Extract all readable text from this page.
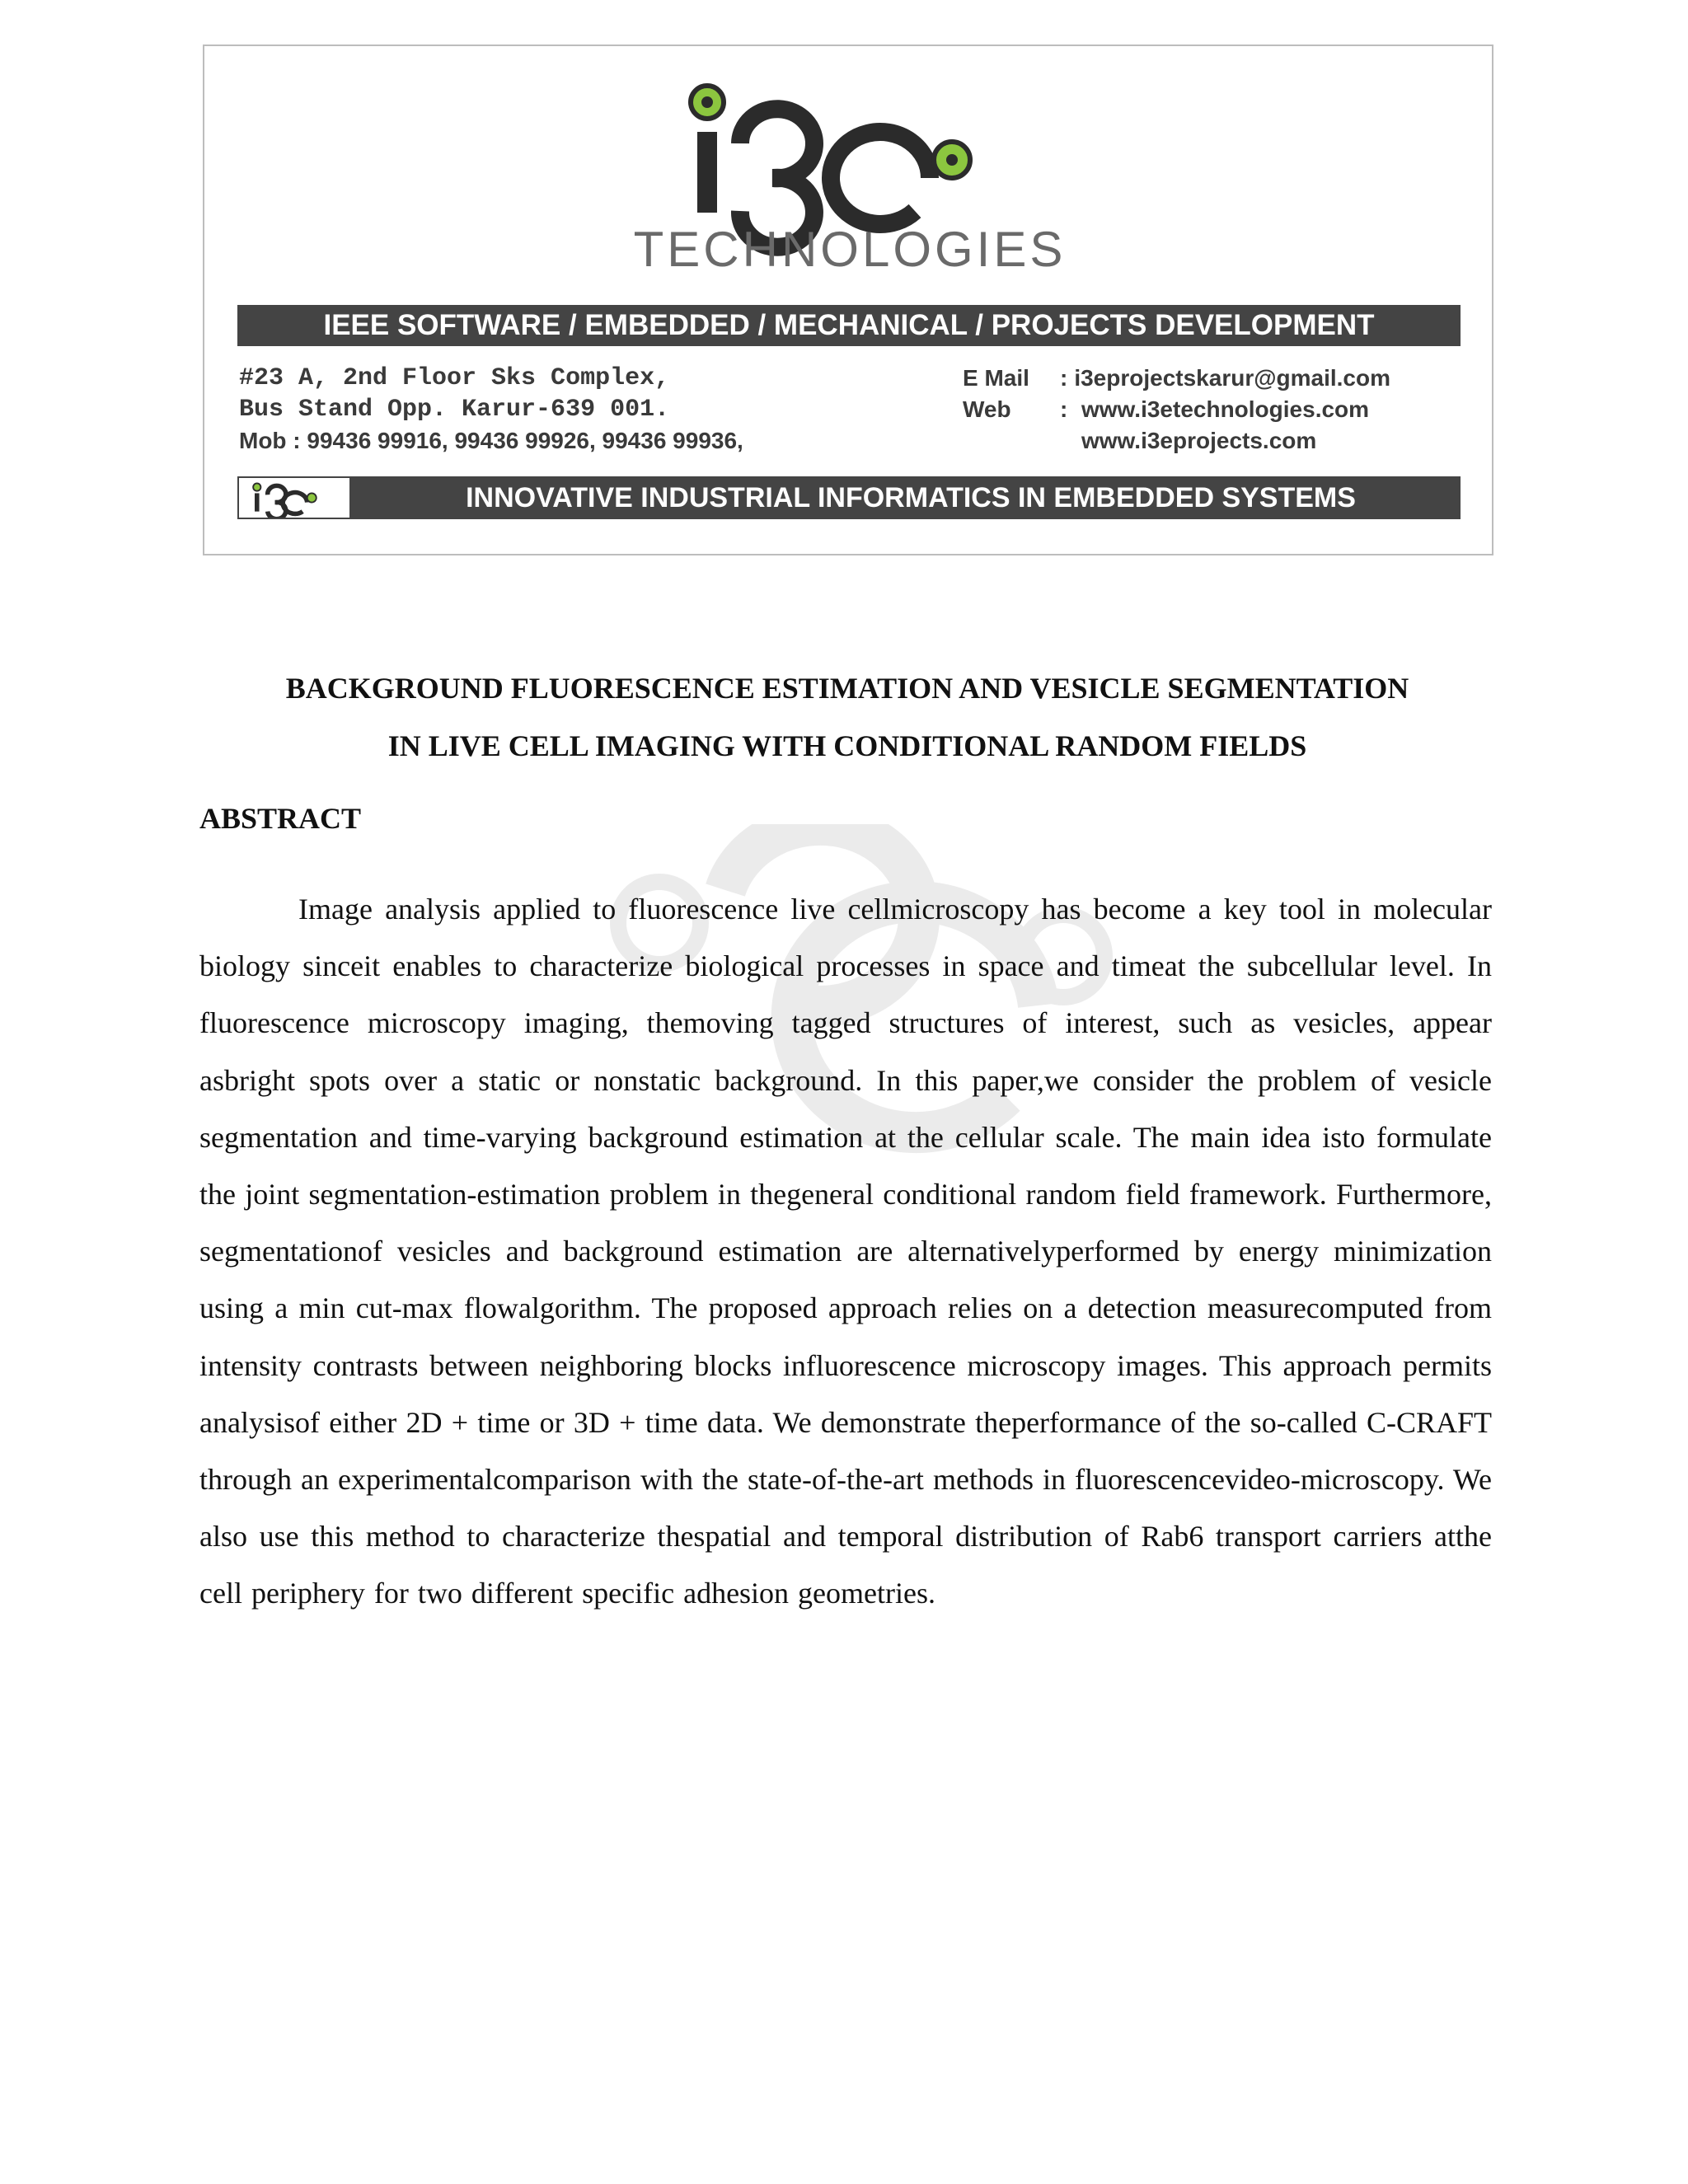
TECHNOLOGIES
IEEE SOFTWARE / EMBEDDED / MECHANICAL / PROJECTS DEVELOPMENT
#23 A, 2nd Floor Sks Complex,
Bus Stand Opp. Karur-639 001.
Mob : 99436 99916, 99436 99926, 99436 99936,
E Mail	: i3eprojectskarur@gmail.com
Web	: www.i3etechnologies.com
www.i3eprojects.com
INNOVATIVE INDUSTRIAL INFORMATICS IN EMBEDDED SYSTEMS
BACKGROUND FLUORESCENCE ESTIMATION AND VESICLE SEGMENTATION
IN LIVE CELL IMAGING WITH CONDITIONAL RANDOM FIELDS
ABSTRACT
Image analysis applied to fluorescence live cellmicroscopy has become a key tool in molecular biology sinceit enables to characterize biological processes in space and timeat the subcellular level. In fluorescence microscopy imaging, themoving tagged structures of interest, such as vesicles, appear asbright spots over a static or nonstatic background. In this paper,we consider the problem of vesicle segmentation and time-varying background estimation at the cellular scale. The main idea isto formulate the joint segmentation-estimation problem in thegeneral conditional random field framework. Furthermore, segmentationof vesicles and background estimation are alternativelyperformed by energy minimization using a min cut-max flowalgorithm. The proposed approach relies on a detection measurecomputed from intensity contrasts between neighboring blocks influorescence microscopy images. This approach permits analysisof either 2D + time or 3D + time data. We demonstrate theperformance of the so-called C-CRAFT through an experimentalcomparison with the state-of-the-art methods in fluorescencevideo-microscopy. We also use this method to characterize thespatial and temporal distribution of Rab6 transport carriers atthe cell periphery for two different specific adhesion geometries.
